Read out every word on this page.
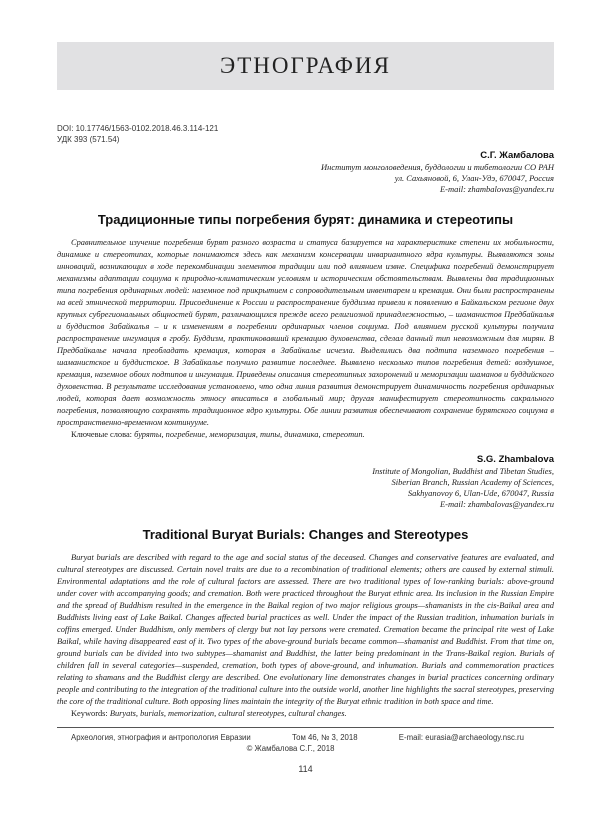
ЭТНОГРАФИЯ
DOI: 10.17746/1563-0102.2018.46.3.114-121
УДК 393 (571.54)
С.Г. Жамбалова
Институт монголоведения, буддологии и тибетологии СО РАН
ул. Сахьяновой, 6, Улан-Удэ, 670047, Россия
E-mail: zhambalovas@yandex.ru
Традиционные типы погребения бурят: динамика и стереотипы

Сравнительное изучение погребения бурят разного возраста и статуса базируется на характеристике степени их мобильности, динамике и стереотипах, которые понимаются здесь как механизм консервации инвариантного ядра культуры. Выявляются зоны инноваций, возникающих в ходе перекомбинации элементов традиции или под влиянием извне. Специфика погребений демонстрирует механизмы адаптации социума к природно-климатическим условиям и историческим обстоятельствам. Выявлены два традиционных типа погребения ординарных людей: наземное под прикрытием с сопроводительным инвентарем и кремация. Они были распространены на всей этнической территории. Присоединение к России и распространение буддизма привели к появлению в Байкальском регионе двух крупных субрегиональных общностей бурят, различающихся прежде всего религиозной принадлежностью, – шаманистов Предбайкалья и буддистов Забайкалья – и к изменениям в погребении ординарных членов социума. Под влиянием русской культуры получила распространение ингумация в гробу. Буддизм, практиковавший кремацию духовенства, сделал данный тип невозможным для мирян. В Предбайкалье начала преобладать кремация, которая в Забайкалье исчезла. Выделились два подтипа наземного погребения – шаманистское и буддистское. В Забайкалье получило развитие последнее. Выявлено несколько типов погребения детей: воздушное, кремация, наземное обоих подтипов и ингумация. Приведены описания стереотипных захоронений и меморизации шаманов и буддийского духовенства. В результате исследования установлено, что одна линия развития демонстрирует динамичность погребения ординарных людей, которая дает возможность этносу вписаться в глобальный мир; другая манифестирует стереотипность сакрального погребения, позволяющую сохранять традиционное ядро культуры. Обе линии развития обеспечивают сохранение бурятского социума в пространственно-временном континууме.

Ключевые слова: буряты, погребение, меморизация, типы, динамика, стереотип.

S.G. Zhambalova
Institute of Mongolian, Buddhist and Tibetan Studies,
Siberian Branch, Russian Academy of Sciences,
Sakhyanovoy 6, Ulan-Ude, 670047, Russia
E-mail: zhambalovas@yandex.ru
Traditional Buryat Burials: Changes and Stereotypes

Buryat burials are described with regard to the age and social status of the deceased. Changes and conservative features are evaluated, and cultural stereotypes are discussed. Certain novel traits are due to a recombination of traditional elements; others are caused by external stimuli. Environmental adaptations and the role of cultural factors are assessed. There are two traditional types of low-ranking burials: above-ground under cover with accompanying goods; and cremation. Both were practiced throughout the Buryat ethnic area. Its inclusion in the Russian Empire and the spread of Buddhism resulted in the emergence in the Baikal region of two major religious groups—shamanists in the cis-Baikal area and Buddhists living east of Lake Baikal. Changes affected burial practices as well. Under the impact of the Russian tradition, inhumation burials in coffins emerged. Under Buddhism, only members of clergy but not lay persons were cremated. Cremation became the principal rite west of Lake Baikal, while having disappeared east of it. Two types of the above-ground burials became common—shamanist and Buddhist. From that time on, ground burials can be divided into two subtypes—shamanist and Buddhist, the latter being predominant in the Trans-Baikal region. Burials of children fall in several categories—suspended, cremation, both types of above-ground, and inhumation. Burials and commemoration practices relating to shamans and the Buddhist clergy are described. One evolutionary line demonstrates changes in burial practices concerning ordinary people and contributing to the integration of the traditional culture into the outside world, another line highlights the sacral stereotypes, preserving the core of the traditional culture. Both opposing lines maintain the integrity of the Buryat ethnic tradition in both space and time.

Keywords: Buryats, burials, memorization, cultural stereotypes, cultural changes.

Археология, этнография и антропология Евразии	Том 46, № 3, 2018	E-mail: eurasia@archaeology.nsc.ru
© Жамбалова С.Г., 2018
114
